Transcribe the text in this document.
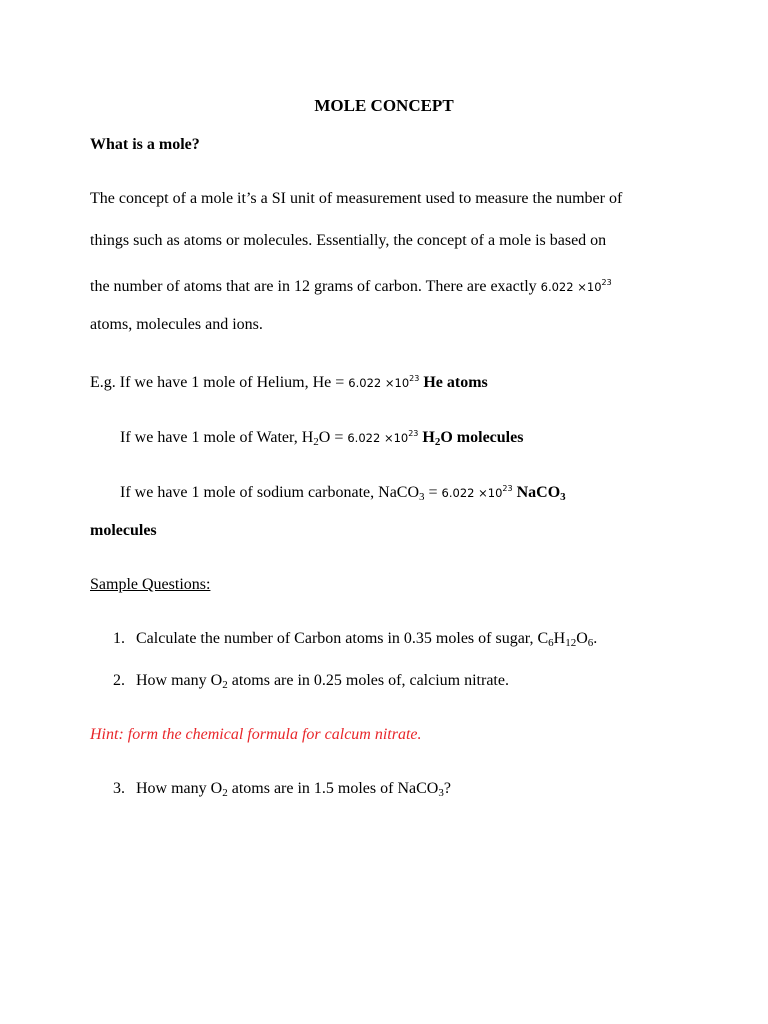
MOLE CONCEPT
What is a mole?
The concept of a mole it’s a SI unit of measurement used to measure the number of
things such as atoms or molecules. Essentially, the concept of a mole is based on
the number of atoms that are in 12 grams of carbon. There are exactly $6.022 \times 10^{23}$
atoms, molecules and ions.
E.g. If we have 1 mole of Helium, $He = 6.022 \times 10^{23}$ He atoms
If we have 1 mole of Water, $H_2O = 6.022 \times 10^{23}$ $H_2O$ molecules
If we have 1 mole of sodium carbonate, NaCO$_3$ = $6.022 \times 10^{23}$ NaCO$_3$
molecules
Sample Questions:
1. Calculate the number of Carbon atoms in 0.35 moles of sugar, $C_6H_{12}O_6$.
2. How many $O_2$ atoms are in 0.25 moles of, calcium nitrate.
Hint: form the chemical formula for calcum nitrate.
3. How many $O_2$ atoms are in 1.5 moles of NaCO$_3$?
